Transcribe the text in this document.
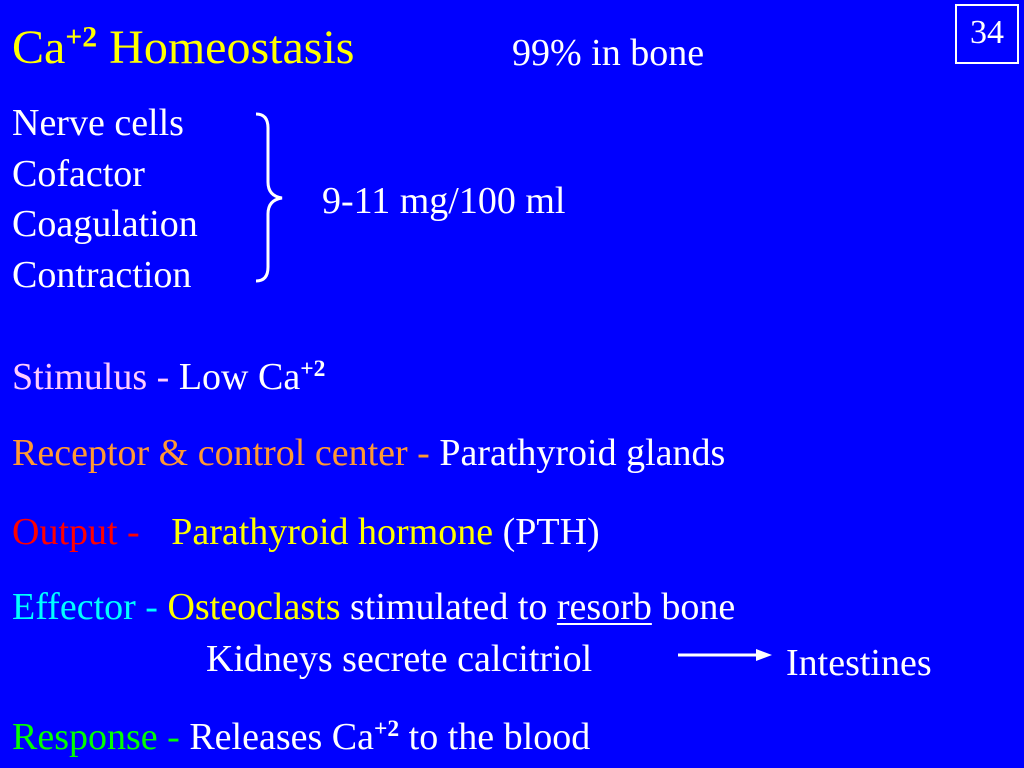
34
$Ca^{+2}$ Homeostasis	99% in bone
Nerve cells
Cofactor
Coagulation
Contraction
9-11 mg/100 ml
Stimulus - Low $Ca^{+2}$
Receptor & control center - Parathyroid glands
Output - Parathyroid hormone (PTH)
Effector - Osteoclasts stimulated to resorb bone
Kidneys secrete calcitriol	Intestines
Response - Releases $Ca^{+2}$ to the blood
